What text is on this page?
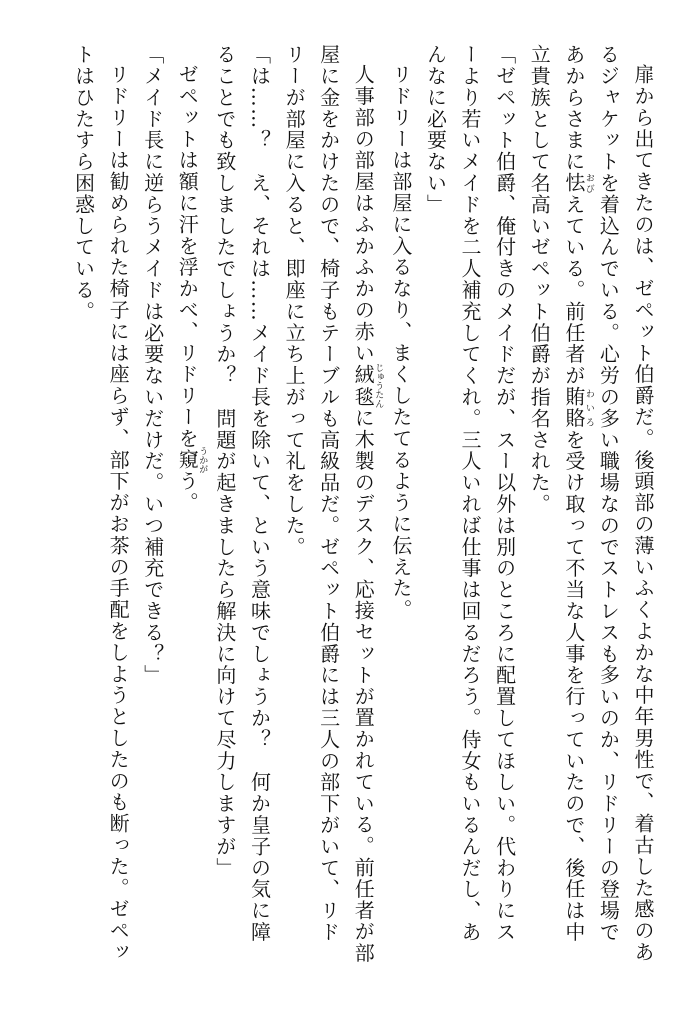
扉から出てきたのは、ゼペット伯爵だ。後頭部の薄いふくよかな中年男性で、着古した感のあるジャケットを着込んでいる。心労の多い職場なのでストレスも多いのか、リドリーの登場であからさまに怯おびえている。前任者が賄賂わいろを受け取って不当な人事を行っていたので、後任は中立貴族として名高いゼペット伯爵が指名された。

「ゼペット伯爵、俺付きのメイドだが、スー以外は別のところに配置してほしい。代わりにスーより若いメイドを二人補充してくれ。三人いれば仕事は回るだろう。侍女もいるんだし、あんなに必要ない」

リドリーは部屋に入るなり、まくしたてるように伝えた。

人事部の部屋はふかふかの赤い絨毯じゅうたんに木製のデスク、応接セットが置かれている。前任者が部屋に金をかけたので、椅子もテーブルも高級品だ。ゼペット伯爵には三人の部下がいて、リドリーが部屋に入ると、即座に立ち上がって礼をした。

「は……？　え、それは……メイド長を除いて、という意味でしょうか？　何か皇子の気に障ることでも致しましたでしょうか？　問題が起きましたら解決に向けて尽力しますが」

ゼペットは額に汗を浮かべ、リドリーを窺うかがう。

「メイド長に逆らうメイドは必要ないだけだ。いつ補充できる？」

リドリーは勧められた椅子には座らず、部下がお茶の手配をしようとしたのも断った。ゼペットはひたすら困惑している。
